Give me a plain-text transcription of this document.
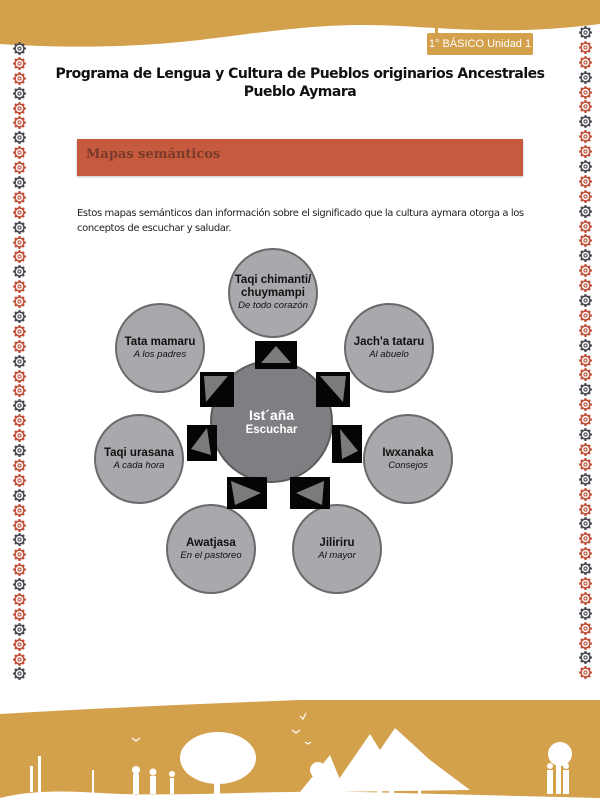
1° BÁSICO Unidad 1
Programa de Lengua y Cultura de Pueblos originarios Ancestrales
Pueblo Aymara
Mapas semánticos
Estos mapas semánticos dan información sobre el significado que la cultura aymara otorga a los conceptos de escuchar y saludar.
Ist´aña
Escuchar
Taqi chimanti/
chuymampi
De todo corazón
Jach'a tataru
Al abuelo
Iwxanaka
Consejos
Jiliriru
Al mayor
Awatjasa
En el pastoreo
Taqi urasana
A cada hora
Tata mamaru
A los padres
